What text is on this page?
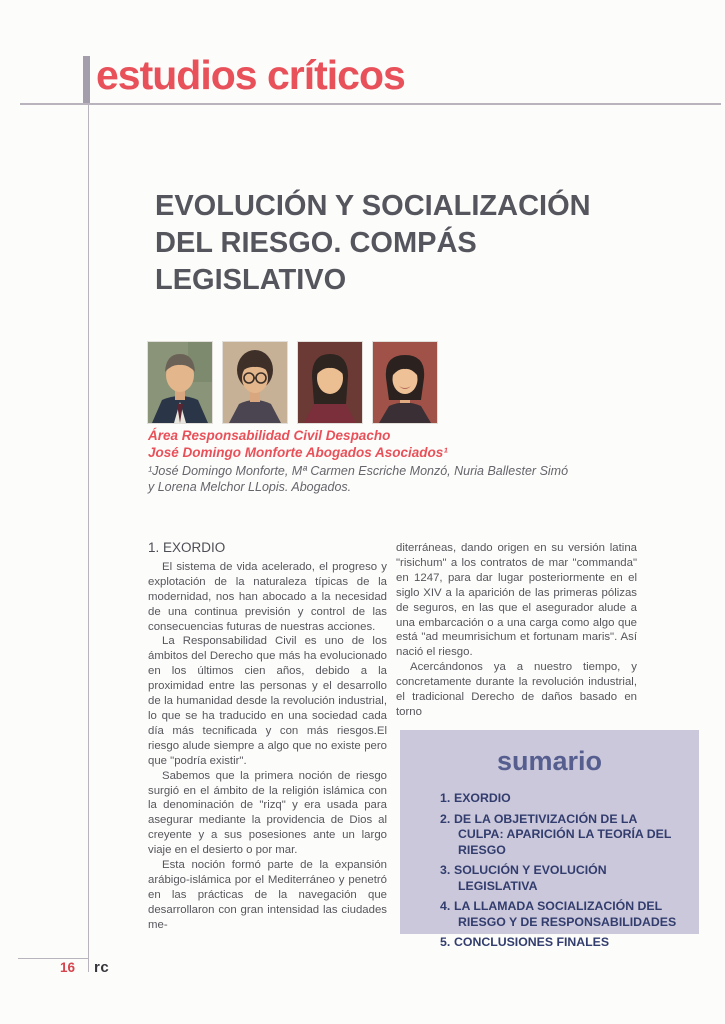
estudios críticos
EVOLUCIÓN Y SOCIALIZACIÓN
DEL RIESGO. COMPÁS
LEGISLATIVO
Área Responsabilidad Civil Despacho
José Domingo Monforte Abogados Asociados¹
¹José Domingo Monforte, Mª Carmen Escriche Monzó, Nuria Ballester Simó
y Lorena Melchor LLopis. Abogados.
1. EXORDIO

El sistema de vida acelerado, el progreso y explotación de la naturaleza típicas de la modernidad, nos han abocado a la necesidad de una continua previsión y control de las consecuencias futuras de nuestras acciones.

La Responsabilidad Civil es uno de los ámbitos del Derecho que más ha evolucionado en los últimos cien años, debido a la proximidad entre las personas y el desarrollo de la humanidad desde la revolución industrial, lo que se ha traducido en una sociedad cada día más tecnificada y con más riesgos.El riesgo alude siempre a algo que no existe pero que "podría existir".

Sabemos que la primera noción de riesgo surgió en el ámbito de la religión islámica con la denominación de "rizq" y era usada para asegurar mediante la providencia de Dios al creyente y a sus posesiones ante un largo viaje en el desierto o por mar.

Esta noción formó parte de la expansión arábigo-islámica por el Mediterráneo y penetró en las prácticas de la navegación que desarrollaron con gran intensidad las ciudades me-

diterráneas, dando origen en su versión latina "risichum" a los contratos de mar "commanda" en 1247, para dar lugar posteriormente en el siglo XIV a la aparición de las primeras pólizas de seguros, en las que el asegurador alude a una embarcación o a una carga como algo que está "ad meumrisichum et fortunam maris". Así nació el riesgo.

Acercándonos ya a nuestro tiempo, y concretamente durante la revolución industrial, el tradicional Derecho de daños basado en torno

sumario
1. EXORDIO
2. DE LA OBJETIVIZACIÓN DE LA CULPA: APARICIÓN LA TEORÍA DEL RIESGO
3. SOLUCIÓN Y EVOLUCIÓN LEGISLATIVA
4. LA LLAMADA SOCIALIZACIÓN DEL RIESGO Y DE RESPONSABILIDADES
5. CONCLUSIONES FINALES
16 rc
